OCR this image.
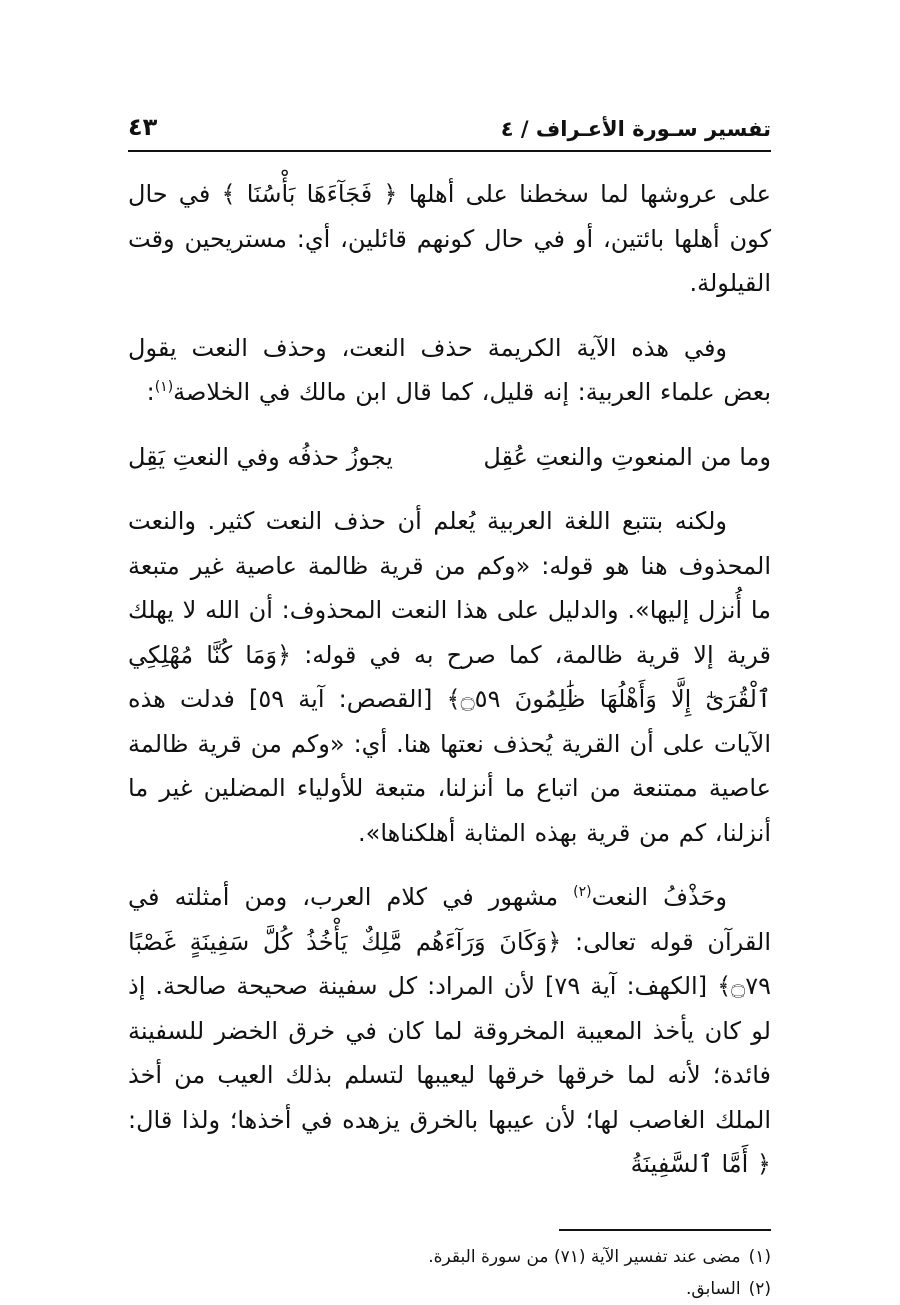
تفسير سـورة الأعـراف / ٤
٤٣

على عروشها لما سخطنا على أهلها ﴿ فَجَآءَهَا بَأْسُنَا ﴾ في حال كون أهلها بائتين، أو في حال كونهم قائلين، أي: مستريحين وقت القيلولة.

وفي هذه الآية الكريمة حذف النعت، وحذف النعت يقول بعض علماء العربية: إنه قليل، كما قال ابن مالك في الخلاصة$^{(١)}$:

وما من المنعوتِ والنعتِ عُقِل
يجوزُ حذفُه وفي النعتِ يَقِل

ولكنه بتتبع اللغة العربية يُعلم أن حذف النعت كثير. والنعت المحذوف هنا هو قوله: «وكم من قرية ظالمة عاصية غير متبعة ما أُنزل إليها». والدليل على هذا النعت المحذوف: أن الله لا يهلك قرية إلا قرية ظالمة، كما صرح به في قوله: ﴿وَمَا كُنَّا مُهْلِكِي ٱلْقُرَىٰٓ إِلَّا وَأَهْلُهَا ظَٰلِمُونَ ۝٥٩﴾ [القصص: آية ٥٩] فدلت هذه الآيات على أن القرية يُحذف نعتها هنا. أي: «وكم من قرية ظالمة عاصية ممتنعة من اتباع ما أنزلنا، متبعة للأولياء المضلين غير ما أنزلنا، كم من قرية بهذه المثابة أهلكناها».

وحَذْفُ النعت$^{(٢)}$ مشهور في كلام العرب، ومن أمثلته في القرآن قوله تعالى: ﴿وَكَانَ وَرَآءَهُم مَّلِكٌ يَأْخُذُ كُلَّ سَفِينَةٍ غَصْبًا ۝٧٩﴾ [الكهف: آية ٧٩] لأن المراد: كل سفينة صحيحة صالحة. إذ لو كان يأخذ المعيبة المخروقة لما كان في خرق الخضر للسفينة فائدة؛ لأنه لما خرقها خرقها ليعيبها لتسلم بذلك العيب من أخذ الملك الغاصب لها؛ لأن عيبها بالخرق يزهده في أخذها؛ ولذا قال: ﴿ أَمَّا ٱلسَّفِينَةُ

(١)مضى عند تفسير الآية (٧١) من سورة البقرة.

(٢)السابق.
